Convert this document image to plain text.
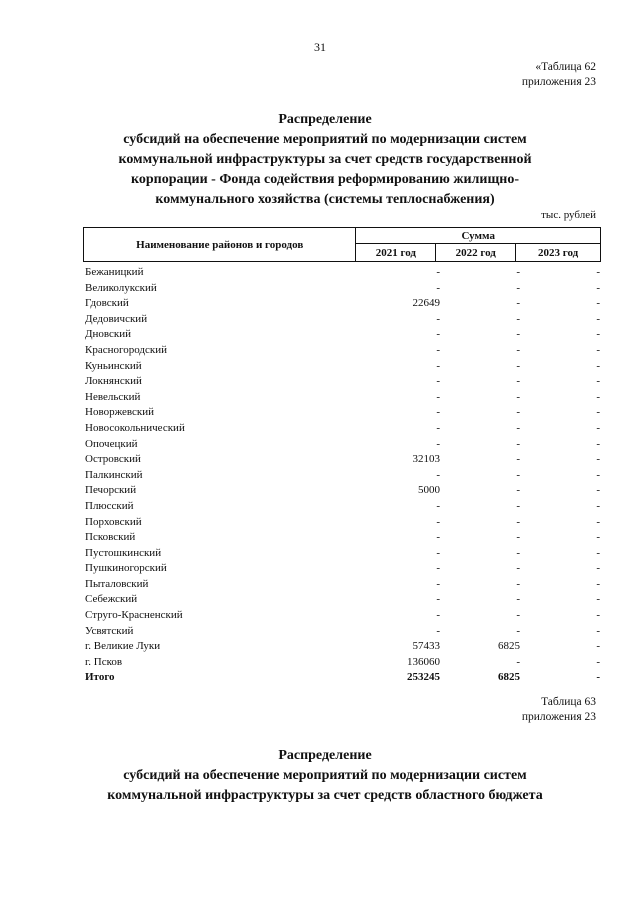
31
«Таблица 62
приложения 23
Распределение
субсидий на обеспечение мероприятий по модернизации систем
коммунальной инфраструктуры за счет средств государственной
корпорации - Фонда содействия реформированию жилищно-
коммунального хозяйства (системы теплоснабжения)
тыс. рублей
Наименование районов и городов	Сумма		
	2021 год	2022 год	2023 год
Бежаницкий	-	-	-
Великолукский	-	-	-
Гдовский	22649	-	-
Дедовичский	-	-	-
Дновский	-	-	-
Красногородский	-	-	-
Куньинский	-	-	-
Локнянский	-	-	-
Невельский	-	-	-
Новоржевский	-	-	-
Новосокольнический	-	-	-
Опочецкий	-	-	-
Островский	32103	-	-
Палкинский	-	-	-
Печорский	5000	-	-
Плюсский	-	-	-
Порховский	-	-	-
Псковский	-	-	-
Пустошкинский	-	-	-
Пушкиногорский	-	-	-
Пыталовский	-	-	-
Себежский	-	-	-
Струго-Красненский	-	-	-
Усвятский	-	-	-
г. Великие Луки	57433	6825	-
г. Псков	136060	-	-
Итого	253245	6825	-
Таблица 63
приложения 23
Распределение
субсидий на обеспечение мероприятий по модернизации систем
коммунальной инфраструктуры за счет средств областного бюджета
